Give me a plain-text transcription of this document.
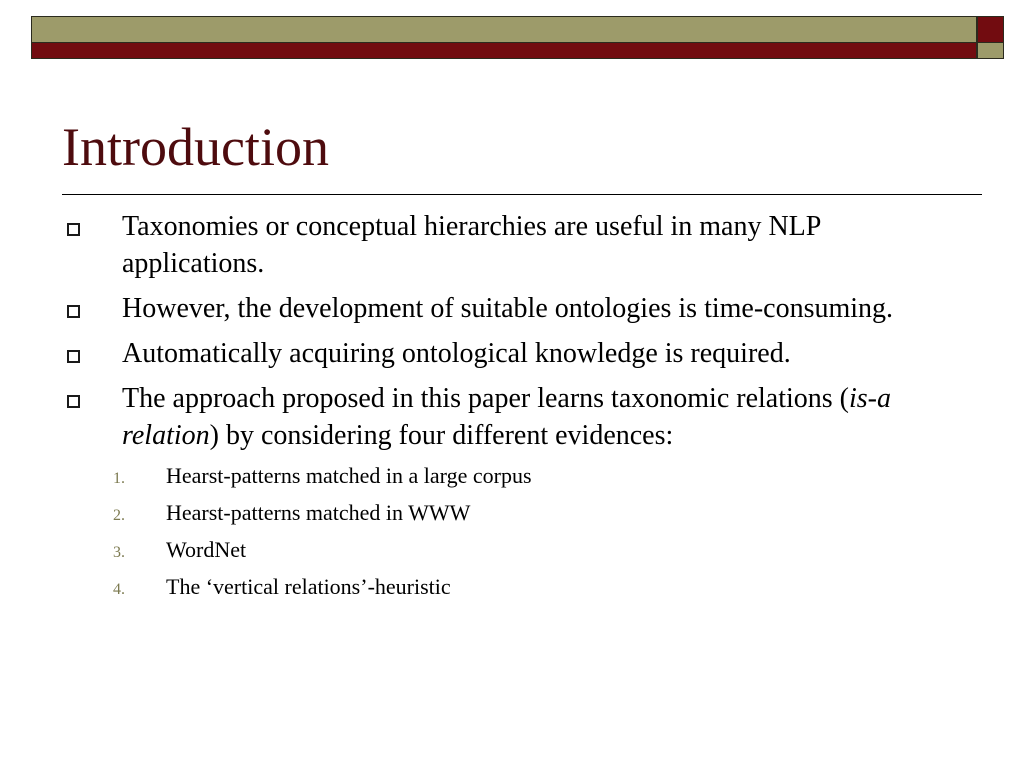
Introduction
Taxonomies or conceptual hierarchies are useful in many NLP applications.
However, the development of suitable ontologies is time-consuming.
Automatically acquiring ontological knowledge is required.
The approach proposed in this paper learns taxonomic relations (is-a relation) by considering four different evidences:
1. Hearst-patterns matched in a large corpus
2. Hearst-patterns matched in WWW
3. WordNet
4. The ‘vertical relations’-heuristic
